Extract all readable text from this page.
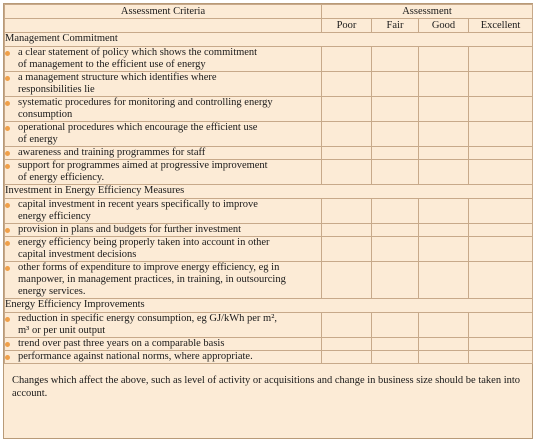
Assessment Criteria	Assessment			
	Poor	Fair	Good	Excellent
Management Commitment				

a clear statement of policy which shows the commitment
of management to the efficient use of energy				

a management structure which identifies where
responsibilities lie				

systematic procedures for monitoring and controlling energy
consumption				

operational procedures which encourage the efficient use
of energy				

awareness and training programmes for staff				

support for programmes aimed at progressive improvement
of energy efficiency.				

Investment in Energy Efficiency Measures				

capital investment in recent years specifically to improve
energy efficiency				

provision in plans and budgets for further investment				

energy efficiency being properly taken into account in other
capital investment decisions				

other forms of expenditure to improve energy efficiency, eg in
manpower, in management practices, in training, in outsourcing
energy services.				

Energy Efficiency Improvements				

reduction in specific energy consumption, eg GJ/kWh per m²,
m³ or per unit output				

trend over past three years on a comparable basis				

performance against national norms, where appropriate.				

Changes which affect the above, such as level of activity or acquisitions and change in business size should be taken into account.
